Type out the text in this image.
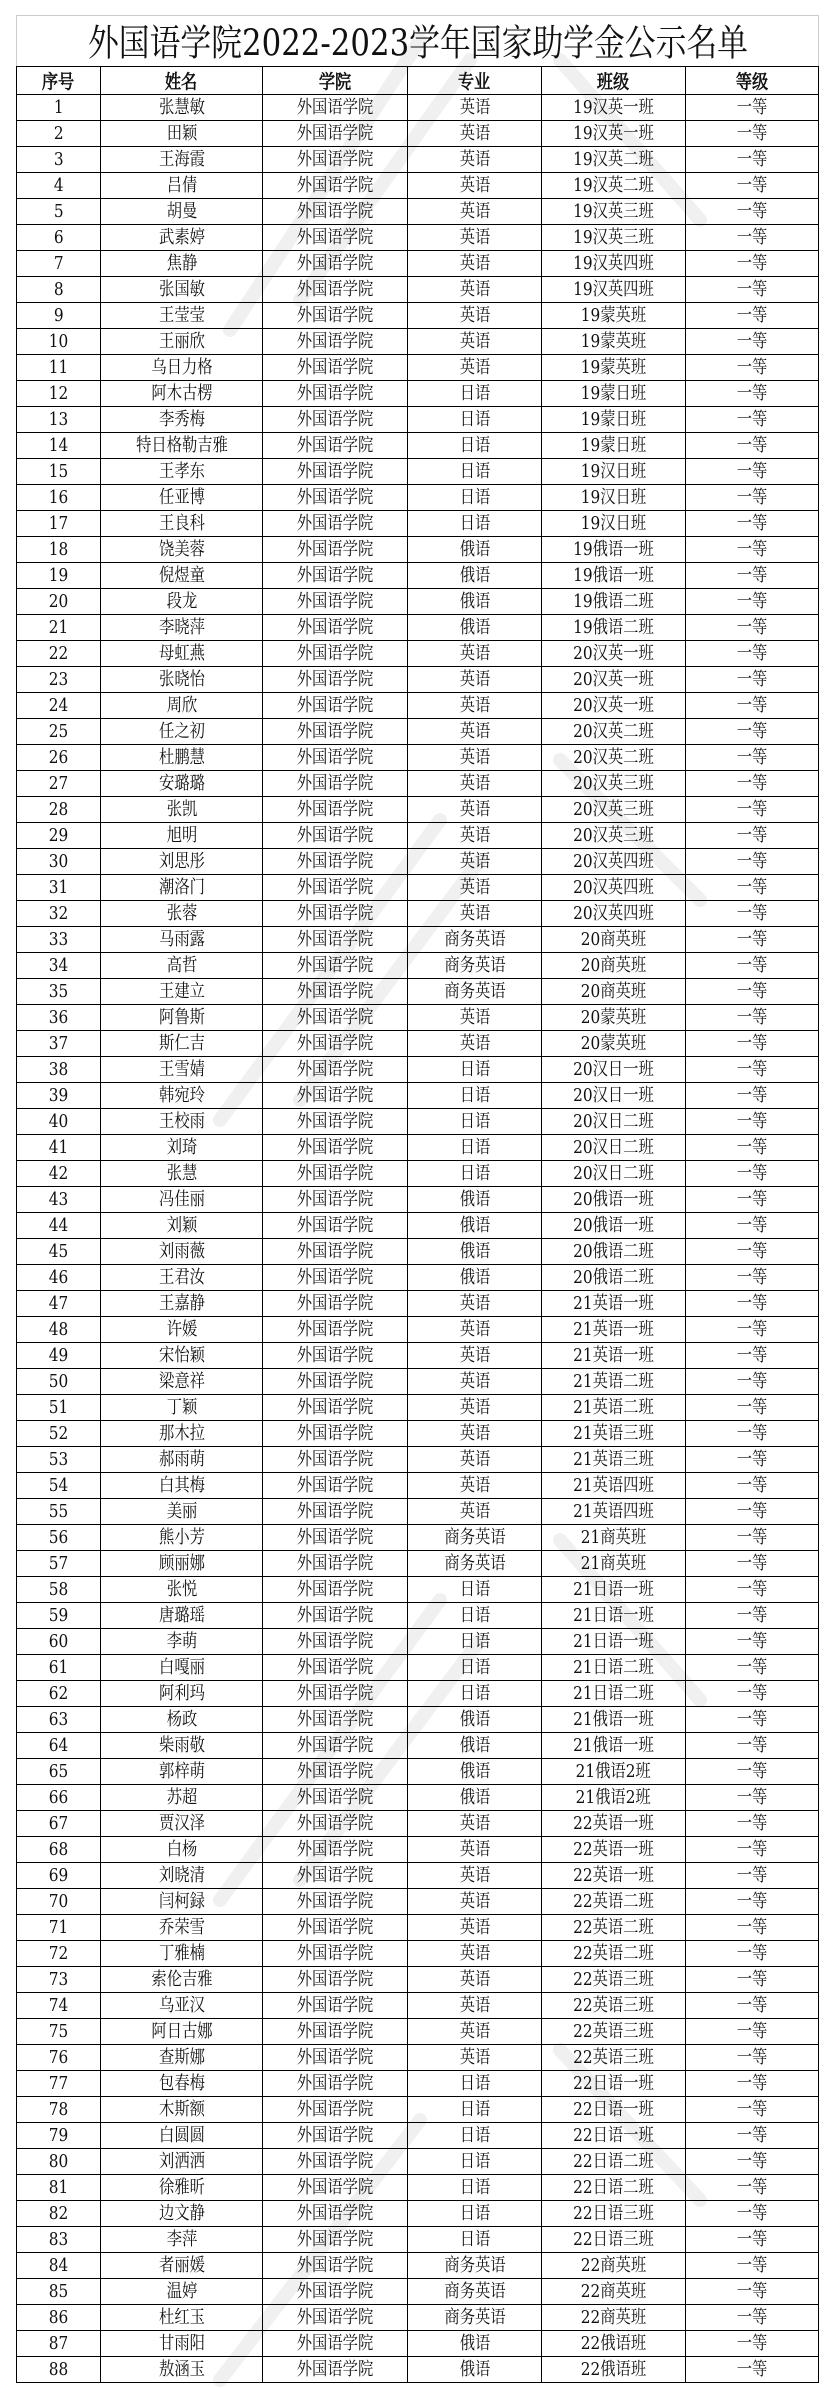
外国语学院2022-2023学年国家助学金公示名单					
序号	姓名	学院	专业	班级	等级
1	张慧敏	外国语学院	英语	19汉英一班	一等
2	田颖	外国语学院	英语	19汉英一班	一等
3	王海霞	外国语学院	英语	19汉英二班	一等
4	吕倩	外国语学院	英语	19汉英二班	一等
5	胡曼	外国语学院	英语	19汉英三班	一等
6	武素婷	外国语学院	英语	19汉英三班	一等
7	焦静	外国语学院	英语	19汉英四班	一等
8	张国敏	外国语学院	英语	19汉英四班	一等
9	王莹莹	外国语学院	英语	19蒙英班	一等
10	王丽欣	外国语学院	英语	19蒙英班	一等
11	乌日力格	外国语学院	英语	19蒙英班	一等
12	阿木古楞	外国语学院	日语	19蒙日班	一等
13	李秀梅	外国语学院	日语	19蒙日班	一等
14	特日格勒吉雅	外国语学院	日语	19蒙日班	一等
15	王孝东	外国语学院	日语	19汉日班	一等
16	任亚博	外国语学院	日语	19汉日班	一等
17	王良科	外国语学院	日语	19汉日班	一等
18	饶美蓉	外国语学院	俄语	19俄语一班	一等
19	倪煜童	外国语学院	俄语	19俄语一班	一等
20	段龙	外国语学院	俄语	19俄语二班	一等
21	李晓萍	外国语学院	俄语	19俄语二班	一等
22	母虹燕	外国语学院	英语	20汉英一班	一等
23	张晓怡	外国语学院	英语	20汉英一班	一等
24	周欣	外国语学院	英语	20汉英一班	一等
25	任之初	外国语学院	英语	20汉英二班	一等
26	杜鹏慧	外国语学院	英语	20汉英二班	一等
27	安璐璐	外国语学院	英语	20汉英三班	一等
28	张凯	外国语学院	英语	20汉英三班	一等
29	旭明	外国语学院	英语	20汉英三班	一等
30	刘思彤	外国语学院	英语	20汉英四班	一等
31	潮洛门	外国语学院	英语	20汉英四班	一等
32	张蓉	外国语学院	英语	20汉英四班	一等
33	马雨露	外国语学院	商务英语	20商英班	一等
34	高哲	外国语学院	商务英语	20商英班	一等
35	王建立	外国语学院	商务英语	20商英班	一等
36	阿鲁斯	外国语学院	英语	20蒙英班	一等
37	斯仁吉	外国语学院	英语	20蒙英班	一等
38	王雪婧	外国语学院	日语	20汉日一班	一等
39	韩宛玲	外国语学院	日语	20汉日一班	一等
40	王校雨	外国语学院	日语	20汉日二班	一等
41	刘琦	外国语学院	日语	20汉日二班	一等
42	张慧	外国语学院	日语	20汉日二班	一等
43	冯佳丽	外国语学院	俄语	20俄语一班	一等
44	刘颖	外国语学院	俄语	20俄语一班	一等
45	刘雨薇	外国语学院	俄语	20俄语二班	一等
46	王君汝	外国语学院	俄语	20俄语二班	一等
47	王嘉静	外国语学院	英语	21英语一班	一等
48	许媛	外国语学院	英语	21英语一班	一等
49	宋怡颖	外国语学院	英语	21英语一班	一等
50	梁意祥	外国语学院	英语	21英语二班	一等
51	丁颖	外国语学院	英语	21英语二班	一等
52	那木拉	外国语学院	英语	21英语三班	一等
53	郝雨萌	外国语学院	英语	21英语三班	一等
54	白其梅	外国语学院	英语	21英语四班	一等
55	美丽	外国语学院	英语	21英语四班	一等
56	熊小芳	外国语学院	商务英语	21商英班	一等
57	顾丽娜	外国语学院	商务英语	21商英班	一等
58	张悦	外国语学院	日语	21日语一班	一等
59	唐璐瑶	外国语学院	日语	21日语一班	一等
60	李萌	外国语学院	日语	21日语一班	一等
61	白嘎丽	外国语学院	日语	21日语二班	一等
62	阿利玛	外国语学院	日语	21日语二班	一等
63	杨政	外国语学院	俄语	21俄语一班	一等
64	柴雨敬	外国语学院	俄语	21俄语一班	一等
65	郭梓萌	外国语学院	俄语	21俄语2班	一等
66	苏超	外国语学院	俄语	21俄语2班	一等
67	贾汉泽	外国语学院	英语	22英语一班	一等
68	白杨	外国语学院	英语	22英语一班	一等
69	刘晓清	外国语学院	英语	22英语一班	一等
70	闫柯録	外国语学院	英语	22英语二班	一等
71	乔荣雪	外国语学院	英语	22英语二班	一等
72	丁雅楠	外国语学院	英语	22英语二班	一等
73	索伦吉雅	外国语学院	英语	22英语三班	一等
74	乌亚汉	外国语学院	英语	22英语三班	一等
75	阿日古娜	外国语学院	英语	22英语三班	一等
76	查斯娜	外国语学院	英语	22英语三班	一等
77	包春梅	外国语学院	日语	22日语一班	一等
78	木斯额	外国语学院	日语	22日语一班	一等
79	白圆圆	外国语学院	日语	22日语一班	一等
80	刘洒洒	外国语学院	日语	22日语二班	一等
81	徐雅昕	外国语学院	日语	22日语二班	一等
82	边文静	外国语学院	日语	22日语三班	一等
83	李萍	外国语学院	日语	22日语三班	一等
84	者丽媛	外国语学院	商务英语	22商英班	一等
85	温婷	外国语学院	商务英语	22商英班	一等
86	杜红玉	外国语学院	商务英语	22商英班	一等
87	甘雨阳	外国语学院	俄语	22俄语班	一等
88	敖涵玉	外国语学院	俄语	22俄语班	一等
